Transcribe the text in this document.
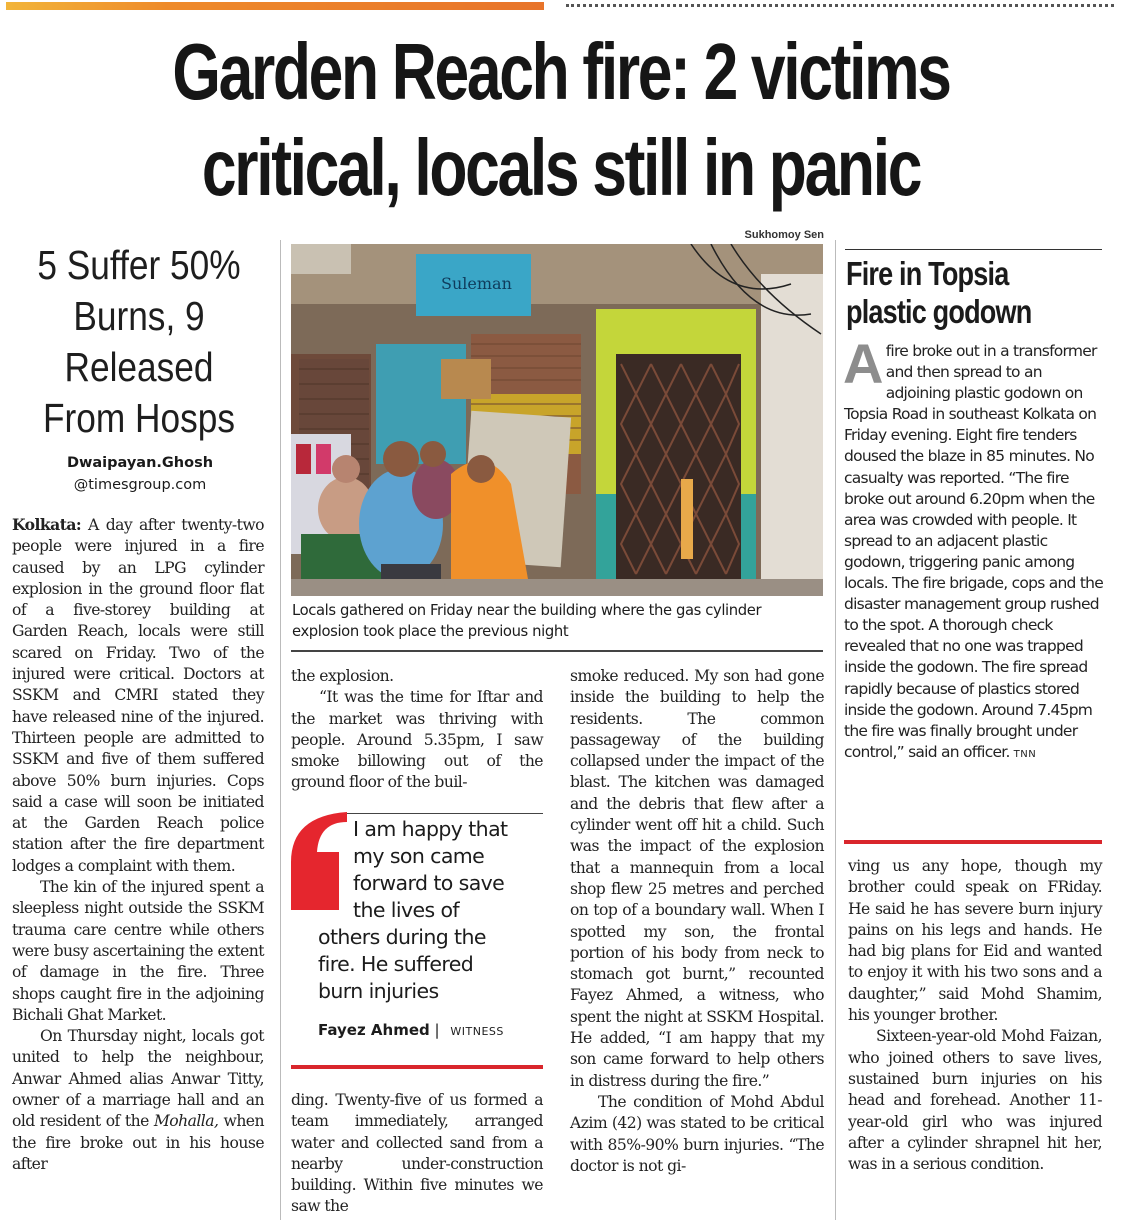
Garden Reach fire: 2 victims
critical, locals still in panic
5 Suffer 50%
Burns, 9
Released
From Hosps
Dwaipayan.Ghosh
@timesgroup.com

Kolkata: A day after twenty-two people were injured in a fire caused by an LPG cylinder explosion in the ground floor flat of a five-storey building at Garden Reach, locals were still scared on Friday. Two of the injured were critical. Doctors at SSKM and CMRI stated they have released nine of the injured. Thirteen people are admitted to SSKM and five of them suffered above 50% burn injuries. Cops said a case will soon be initiated at the Garden Reach police station after the fire department lodges a complaint with them.

The kin of the injured spent a sleepless night outside the SSKM trauma care centre while others were busy ascertaining the extent of damage in the fire. Three shops caught fire in the adjoining Bichali Ghat Market.

On Thursday night, locals got united to help the neighbour, Anwar Ahmed alias Anwar Titty, owner of a marriage hall and an old resident of the Mohalla, when the fire broke out in his house after

Sukhomoy Sen
Suleman
Locals gathered on Friday near the building where the gas cylinder explosion took place the previous night

the explosion.

“It was the time for Iftar and the market was thriving with people. Around 5.35pm, I saw smoke billowing out of the ground floor of the buil-

I am happy that
my son came
forward to save
the lives of
others during the
fire. He suffered
burn injuries
Fayez Ahmed | WITNESS

ding. Twenty-five of us formed a team immediately, arranged water and collected sand from a nearby under-construction building. Within five minutes we saw the

smoke reduced. My son had gone inside the building to help the residents. The common passageway of the building collapsed under the impact of the blast. The kitchen was damaged and the debris that flew after a cylinder went off hit a child. Such was the impact of the explosion that a mannequin from a local shop flew 25 metres and perched on top of a boundary wall. When I spotted my son, the frontal portion of his body from neck to stomach got burnt,” recounted Fayez Ahmed, a witness, who spent the night at SSKM Hospital. He added, “I am happy that my son came forward to help others in distress during the fire.”

The condition of Mohd Abdul Azim (42) was stated to be critical with 85%-90% burn injuries. “The doctor is not gi-

Fire in Topsia
plastic godown
Afire broke out in a transformer and then spread to an adjoining plastic godown on Topsia Road in southeast Kolkata on Friday evening. Eight fire tenders doused the blaze in 85 minutes. No casualty was reported. “The fire broke out around 6.20pm when the area was crowded with people. It spread to an adjacent plastic godown, triggering panic among locals. The fire brigade, cops and the disaster management group rushed to the spot. A thorough check revealed that no one was trapped inside the godown. The fire spread rapidly because of plastics stored inside the godown. Around 7.45pm the fire was finally brought under control,” said an officer. TNN

ving us any hope, though my brother could speak on FRiday. He said he has severe burn injury pains on his legs and hands. He had big plans for Eid and wanted to enjoy it with his two sons and a daughter,” said Mohd Shamim, his younger brother.

Sixteen-year-old Mohd Faizan, who joined others to save lives, sustained burn injuries on his head and forehead. Another 11-year-old girl who was injured after a cylinder shrapnel hit her, was in a serious condition.
